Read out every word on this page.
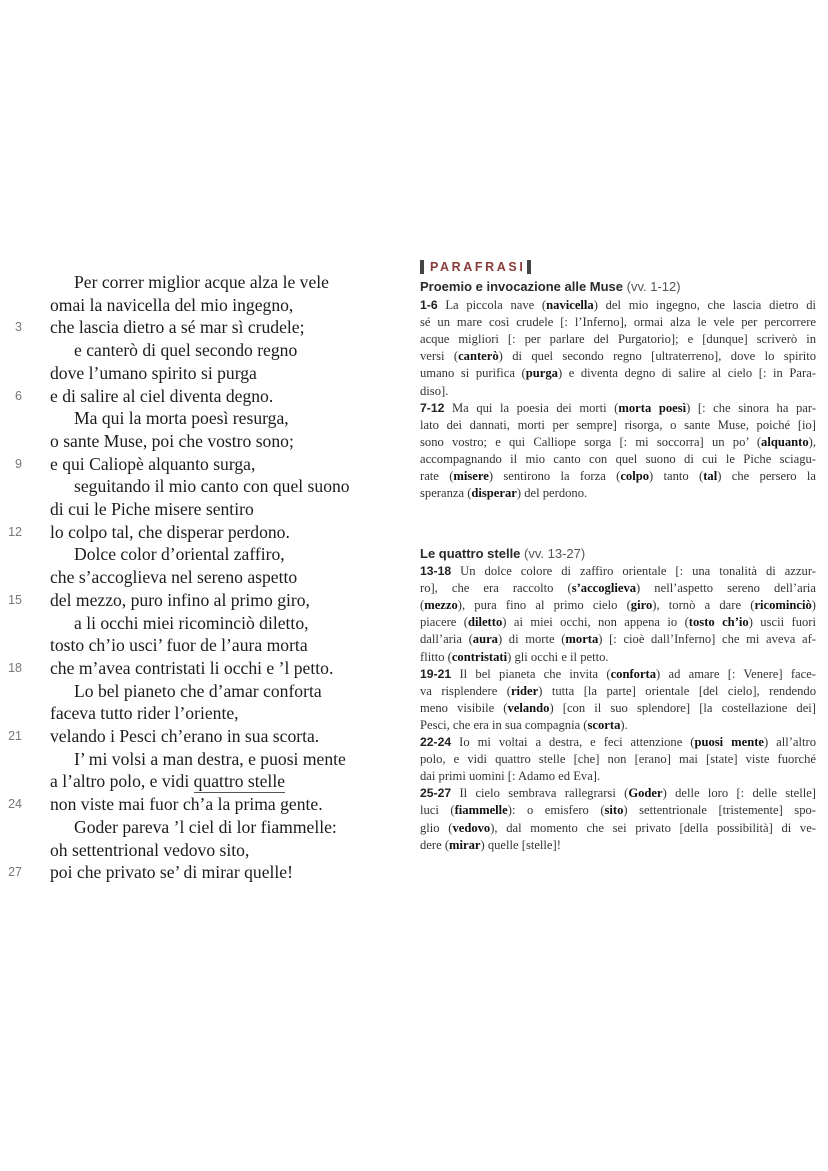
Per correr miglior acque alza le vele
omai la navicella del mio ingegno,
3 che lascia dietro a sé mar sì crudele;
e canterò di quel secondo regno
dove l’umano spirito si purga
6 e di salire al ciel diventa degno.
Ma qui la morta poesì resurga,
o sante Muse, poi che vostro sono;
9 e qui Caliopè alquanto surga,
seguitando il mio canto con quel suono
di cui le Piche misere sentiro
12 lo colpo tal, che disperar perdono.
Dolce color d’oriental zaffiro,
che s’accoglieva nel sereno aspetto
15 del mezzo, puro infino al primo giro,
a li occhi miei ricominciò diletto,
tosto ch’io usci’ fuor de l’aura morta
18 che m’avea contristati li occhi e ’l petto.
Lo bel pianeto che d’amar conforta
faceva tutto rider l’oriente,
21 velando i Pesci ch’erano in sua scorta.
I’ mi volsi a man destra, e puosi mente
a l’altro polo, e vidi quattro stelle
24 non viste mai fuor ch’a la prima gente.
Goder pareva ’l ciel di lor fiammelle:
oh settentrional vedovo sito,
27 poi che privato se’ di mirar quelle!
PARAFRASI
Proemio e invocazione alle Muse (vv. 1-12)
1-6 La piccola nave (navicella) del mio ingegno, che lascia dietro di
sé un mare così crudele [: l’Inferno], ormai alza le vele per percorrere
acque migliori [: per parlare del Purgatorio]; e [dunque] scriverò in
versi (canterò) di quel secondo regno [ultraterreno], dove lo spirito
umano si purifica (purga) e diventa degno di salire al cielo [: in Para-
diso].
7-12 Ma qui la poesia dei morti (morta poesì) [: che sinora ha par-
lato dei dannati, morti per sempre] risorga, o sante Muse, poiché [io]
sono vostro; e qui Calliope sorga [: mi soccorra] un po’ (alquanto),
accompagnando il mio canto con quel suono di cui le Piche sciagu-
rate (misere) sentirono la forza (colpo) tanto (tal) che persero la
speranza (disperar) del perdono.
Le quattro stelle (vv. 13-27)
13-18 Un dolce colore di zaffiro orientale [: una tonalità di azzur-
ro], che era raccolto (s’accoglieva) nell’aspetto sereno dell’aria
(mezzo), pura fino al primo cielo (giro), tornò a dare (ricominciò)
piacere (diletto) ai miei occhi, non appena io (tosto ch’io) uscii fuori
dall’aria (aura) di morte (morta) [: cioè dall’Inferno] che mi aveva af-
flitto (contristati) gli occhi e il petto.
19-21 Il bel pianeta che invita (conforta) ad amare [: Venere] face-
va risplendere (rider) tutta [la parte] orientale [del cielo], rendendo
meno visibile (velando) [con il suo splendore] [la costellazione dei]
Pesci, che era in sua compagnia (scorta).
22-24 Io mi voltai a destra, e feci attenzione (puosi mente) all’altro
polo, e vidi quattro stelle [che] non [erano] mai [state] viste fuorché
dai primi uomini [: Adamo ed Eva].
25-27 Il cielo sembrava rallegrarsi (Goder) delle loro [: delle stelle]
luci (fiammelle): o emisfero (sito) settentrionale [tristemente] spo-
glio (vedovo), dal momento che sei privato [della possibilità] di ve-
dere (mirar) quelle [stelle]!
